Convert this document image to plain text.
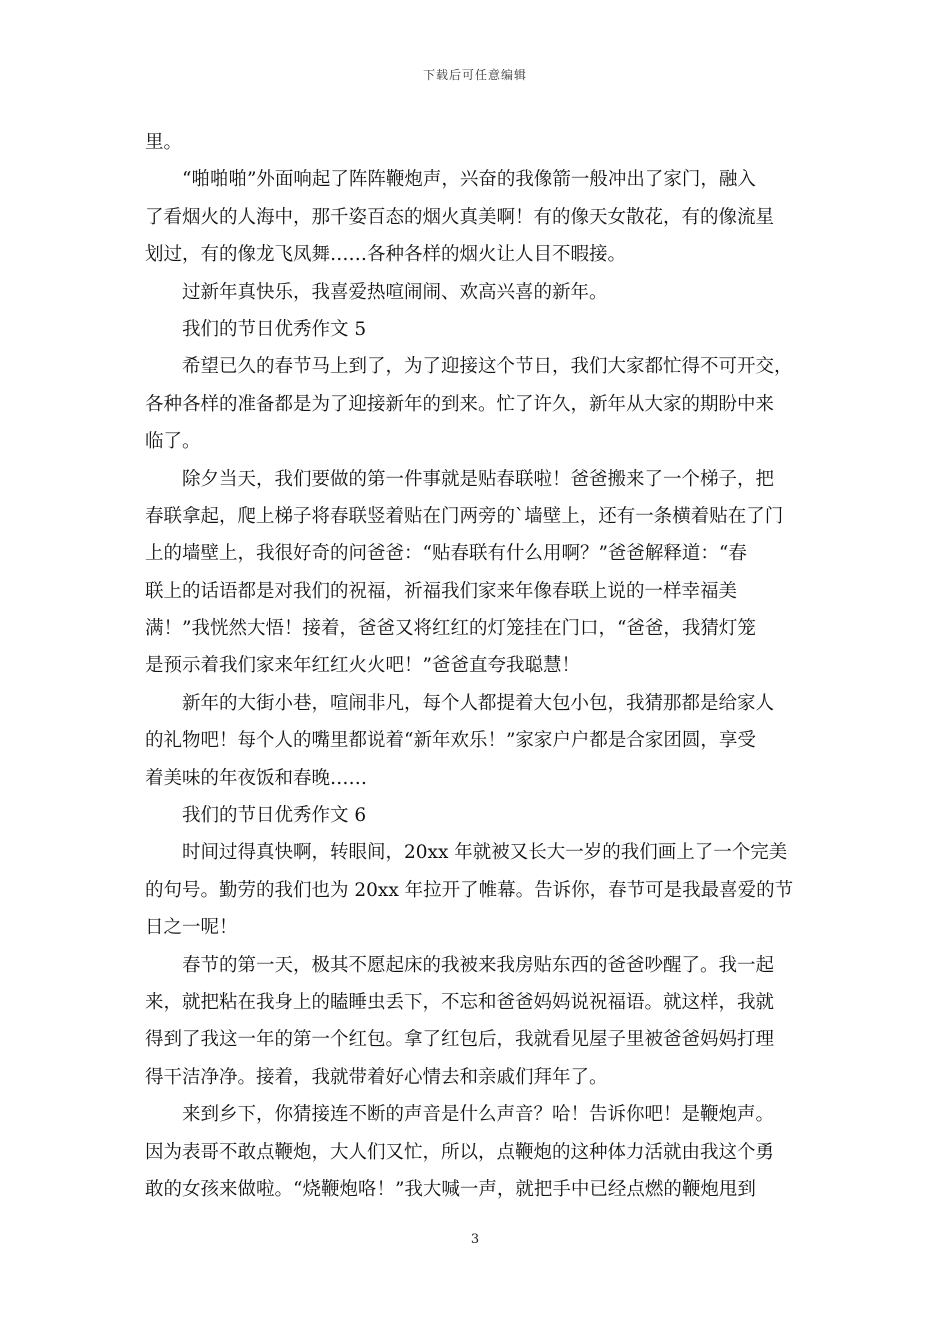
下载后可任意编辑
里。
“啪啪啪”外面响起了阵阵鞭炮声，兴奋的我像箭一般冲出了家门，融入
了看烟火的人海中，那千姿百态的烟火真美啊！有的像天女散花，有的像流星
划过，有的像龙飞凤舞……各种各样的烟火让人目不暇接。
过新年真快乐，我喜爱热喧闹闹、欢高兴喜的新年。
我们的节日优秀作文 5
希望已久的春节马上到了，为了迎接这个节日，我们大家都忙得不可开交，
各种各样的准备都是为了迎接新年的到来。忙了许久，新年从大家的期盼中来
临了。
除夕当天，我们要做的第一件事就是贴春联啦！爸爸搬来了一个梯子，把
春联拿起，爬上梯子将春联竖着贴在门两旁的`墙壁上，还有一条横着贴在了门
上的墙壁上，我很好奇的问爸爸：“贴春联有什么用啊？”爸爸解释道：“春
联上的话语都是对我们的祝福，祈福我们家来年像春联上说的一样幸福美
满！”我恍然大悟！接着，爸爸又将红红的灯笼挂在门口，“爸爸，我猜灯笼
是预示着我们家来年红红火火吧！”爸爸直夸我聪慧！
新年的大街小巷，喧闹非凡，每个人都提着大包小包，我猜那都是给家人
的礼物吧！每个人的嘴里都说着“新年欢乐！”家家户户都是合家团圆，享受
着美味的年夜饭和春晚……
我们的节日优秀作文 6
时间过得真快啊，转眼间，20xx 年就被又长大一岁的我们画上了一个完美
的句号。勤劳的我们也为 20xx 年拉开了帷幕。告诉你，春节可是我最喜爱的节
日之一呢！
春节的第一天，极其不愿起床的我被来我房贴东西的爸爸吵醒了。我一起
来，就把粘在我身上的瞌睡虫丢下，不忘和爸爸妈妈说祝福语。就这样，我就
得到了我这一年的第一个红包。拿了红包后，我就看见屋子里被爸爸妈妈打理
得干洁净净。接着，我就带着好心情去和亲戚们拜年了。
来到乡下，你猜接连不断的声音是什么声音？哈！告诉你吧！是鞭炮声。
因为表哥不敢点鞭炮，大人们又忙，所以，点鞭炮的这种体力活就由我这个勇
敢的女孩来做啦。“烧鞭炮咯！”我大喊一声，就把手中已经点燃的鞭炮甩到
3
